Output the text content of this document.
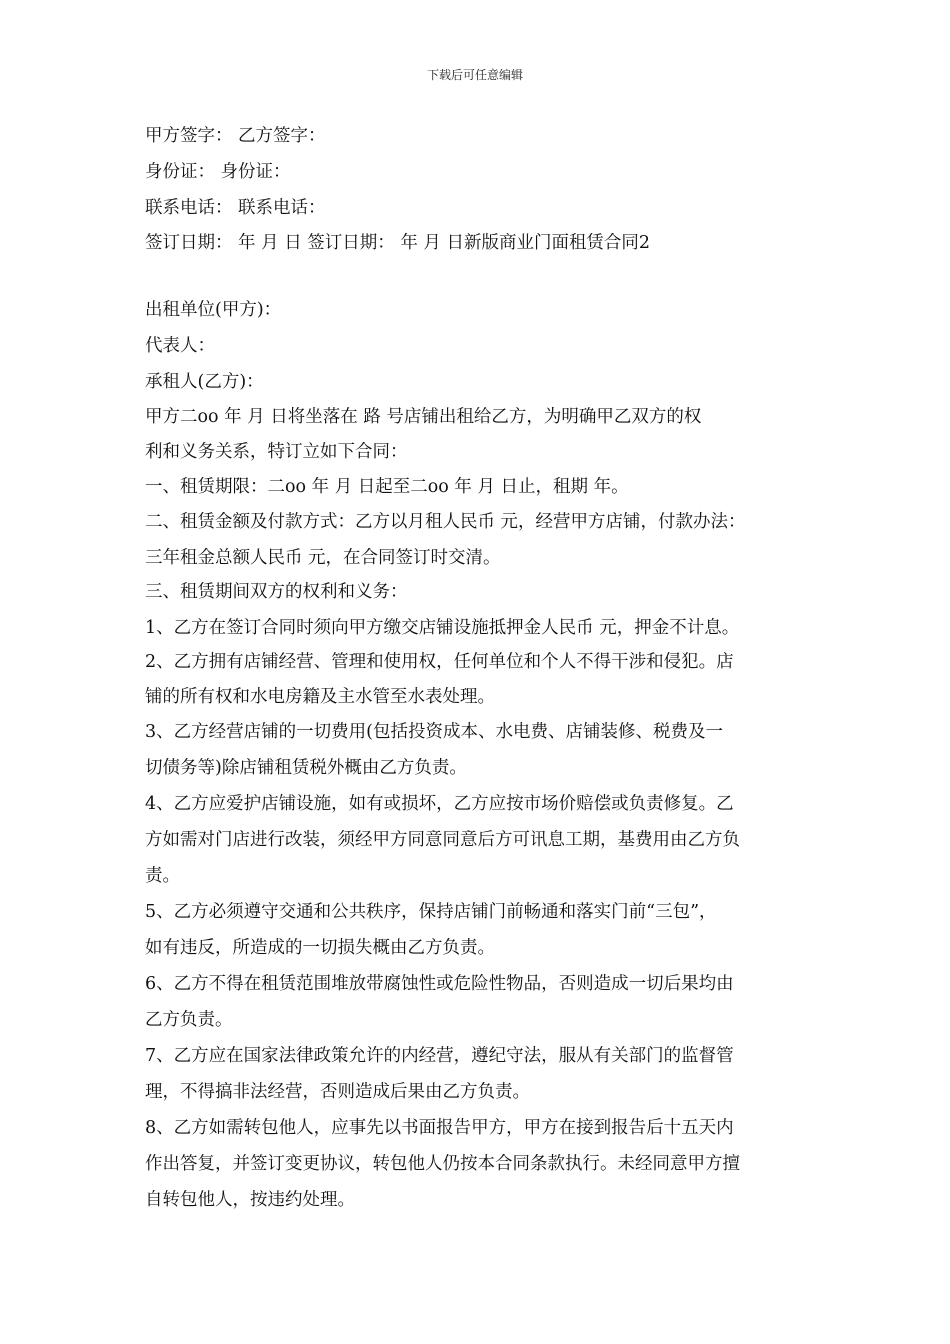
下载后可任意编辑
甲方签字： 乙方签字：
身份证： 身份证：
联系电话： 联系电话：
签订日期： 年 月 日 签订日期： 年 月 日新版商业门面租赁合同2
出租单位(甲方)：
代表人：
承租人(乙方)：
甲方二oo 年 月 日将坐落在 路 号店铺出租给乙方，为明确甲乙双方的权
利和义务关系，特订立如下合同：
一、租赁期限：二oo 年 月 日起至二oo 年 月 日止，租期 年。
二、租赁金额及付款方式：乙方以月租人民币 元，经营甲方店铺，付款办法：
三年租金总额人民币 元，在合同签订时交清。
三、租赁期间双方的权利和义务：
1、乙方在签订合同时须向甲方缴交店铺设施抵押金人民币 元，押金不计息。
2、乙方拥有店铺经营、管理和使用权，任何单位和个人不得干涉和侵犯。店
铺的所有权和水电房籍及主水管至水表处理。
3、乙方经营店铺的一切费用(包括投资成本、水电费、店铺装修、税费及一
切债务等)除店铺租赁税外概由乙方负责。
4、乙方应爱护店铺设施，如有或损坏，乙方应按市场价赔偿或负责修复。乙
方如需对门店进行改装，须经甲方同意同意后方可讯息工期，基费用由乙方负
责。
5、乙方必须遵守交通和公共秩序，保持店铺门前畅通和落实门前“三包”，
如有违反，所造成的一切损失概由乙方负责。
6、乙方不得在租赁范围堆放带腐蚀性或危险性物品，否则造成一切后果均由
乙方负责。
7、乙方应在国家法律政策允许的内经营，遵纪守法，服从有关部门的监督管
理，不得搞非法经营，否则造成后果由乙方负责。
8、乙方如需转包他人，应事先以书面报告甲方，甲方在接到报告后十五天内
作出答复，并签订变更协议，转包他人仍按本合同条款执行。未经同意甲方擅
自转包他人，按违约处理。
